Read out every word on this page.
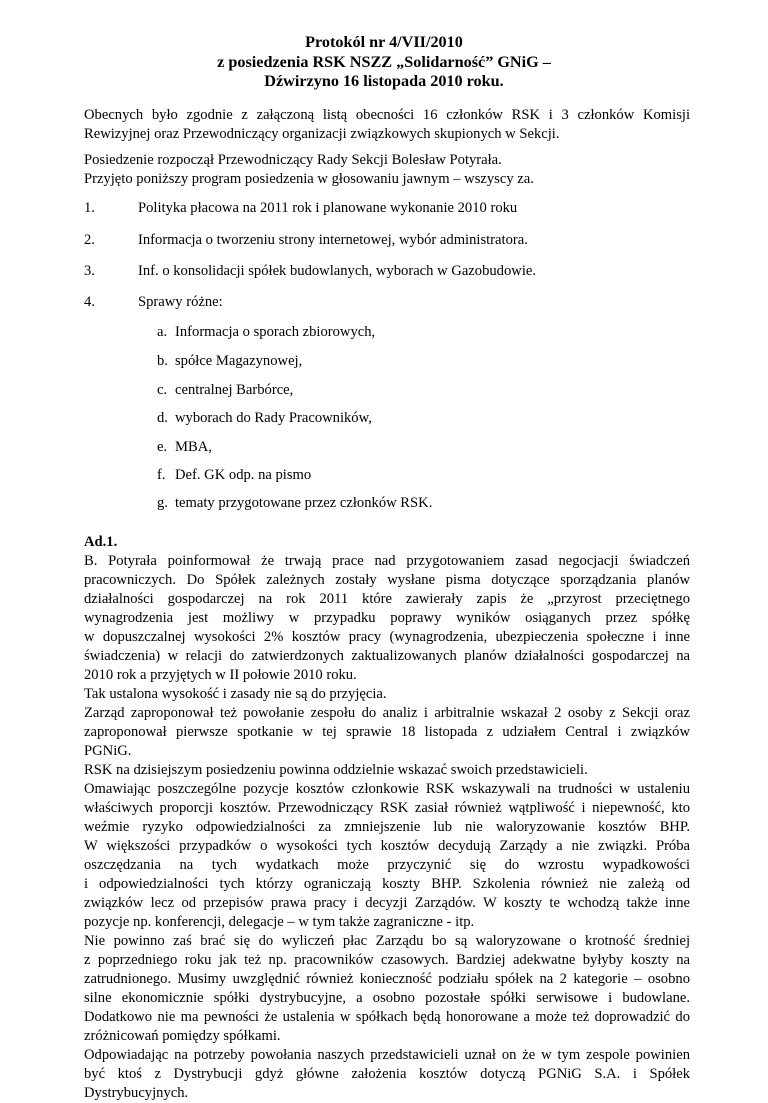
Protokól nr 4/VII/2010
z posiedzenia RSK NSZZ „Solidarność” GNiG –
Dźwirzyno 16 listopada 2010 roku.

Obecnych było zgodnie z załączoną listą obecności 16 członków RSK i 3 członków Komisji

Rewizyjnej oraz Przewodniczący organizacji związkowych skupionych w Sekcji.

Posiedzenie rozpoczął Przewodniczący Rady Sekcji Bolesław Potyrała.
Przyjęto poniższy program posiedzenia w głosowaniu jawnym – wszyscy za.
1.	Polityka płacowa na 2011 rok i planowane wykonanie 2010 roku
2.	Informacja o tworzeniu strony internetowej, wybór administratora.
3.	Inf. o konsolidacji spółek budowlanych, wyborach w Gazobudowie.
4.	Sprawy różne:
a. Informacja o sporach zbiorowych,
b. spółce Magazynowej,
c. centralnej Barbórce,
d. wyborach do Rady Pracowników,
e. MBA,
f. Def. GK odp. na pismo
g. tematy przygotowane przez członków RSK.
Ad.1.

B. Potyrała poinformował że trwają prace nad przygotowaniem zasad negocjacji świadczeń

pracowniczych. Do Spółek zależnych zostały wysłane pisma dotyczące sporządzania planów

działalności gospodarczej na rok 2011 które zawierały zapis że „przyrost przeciętnego

wynagrodzenia jest możliwy w przypadku poprawy wyników osiąganych przez spółkę

w dopuszczalnej wysokości 2% kosztów pracy (wynagrodzenia, ubezpieczenia społeczne i inne

świadczenia) w relacji do zatwierdzonych zaktualizowanych planów działalności gospodarczej na

2010 rok a przyjętych w II połowie 2010 roku.

Tak ustalona wysokość i zasady nie są do przyjęcia.

Zarząd zaproponował też powołanie zespołu do analiz i arbitralnie wskazał 2 osoby z Sekcji oraz

zaproponował pierwsze spotkanie w tej sprawie 18 listopada z udziałem Central i związków

PGNiG.

RSK na dzisiejszym posiedzeniu powinna oddzielnie wskazać swoich przedstawicieli.

Omawiając poszczególne pozycje kosztów członkowie RSK wskazywali na trudności w ustaleniu

właściwych proporcji kosztów. Przewodniczący RSK zasiał również wątpliwość i niepewność, kto

weźmie ryzyko odpowiedzialności za zmniejszenie lub nie waloryzowanie kosztów BHP.

W większości przypadków o wysokości tych kosztów decydują Zarządy a nie związki. Próba

oszczędzania na tych wydatkach może przyczynić się do wzrostu wypadkowości

i odpowiedzialności tych którzy ograniczają koszty BHP. Szkolenia również nie zależą od

związków lecz od przepisów prawa pracy i decyzji Zarządów. W koszty te wchodzą także inne

pozycje np. konferencji, delegacje – w tym także zagraniczne - itp.

Nie powinno zaś brać się do wyliczeń płac Zarządu bo są waloryzowane o krotność średniej

z poprzedniego roku jak też np. pracowników czasowych. Bardziej adekwatne byłyby koszty na

zatrudnionego. Musimy uwzględnić również konieczność podziału spółek na 2 kategorie – osobno

silne ekonomicznie spółki dystrybucyjne, a osobno pozostałe spółki serwisowe i budowlane.

Dodatkowo nie ma pewności że ustalenia w spółkach będą honorowane a może też doprowadzić do

zróżnicowań pomiędzy spółkami.

Odpowiadając na potrzeby powołania naszych przedstawicieli uznał on że w tym zespole powinien

być ktoś z Dystrybucji gdyż główne założenia kosztów dotyczą PGNiG S.A. i Spółek

Dystrybucyjnych.
